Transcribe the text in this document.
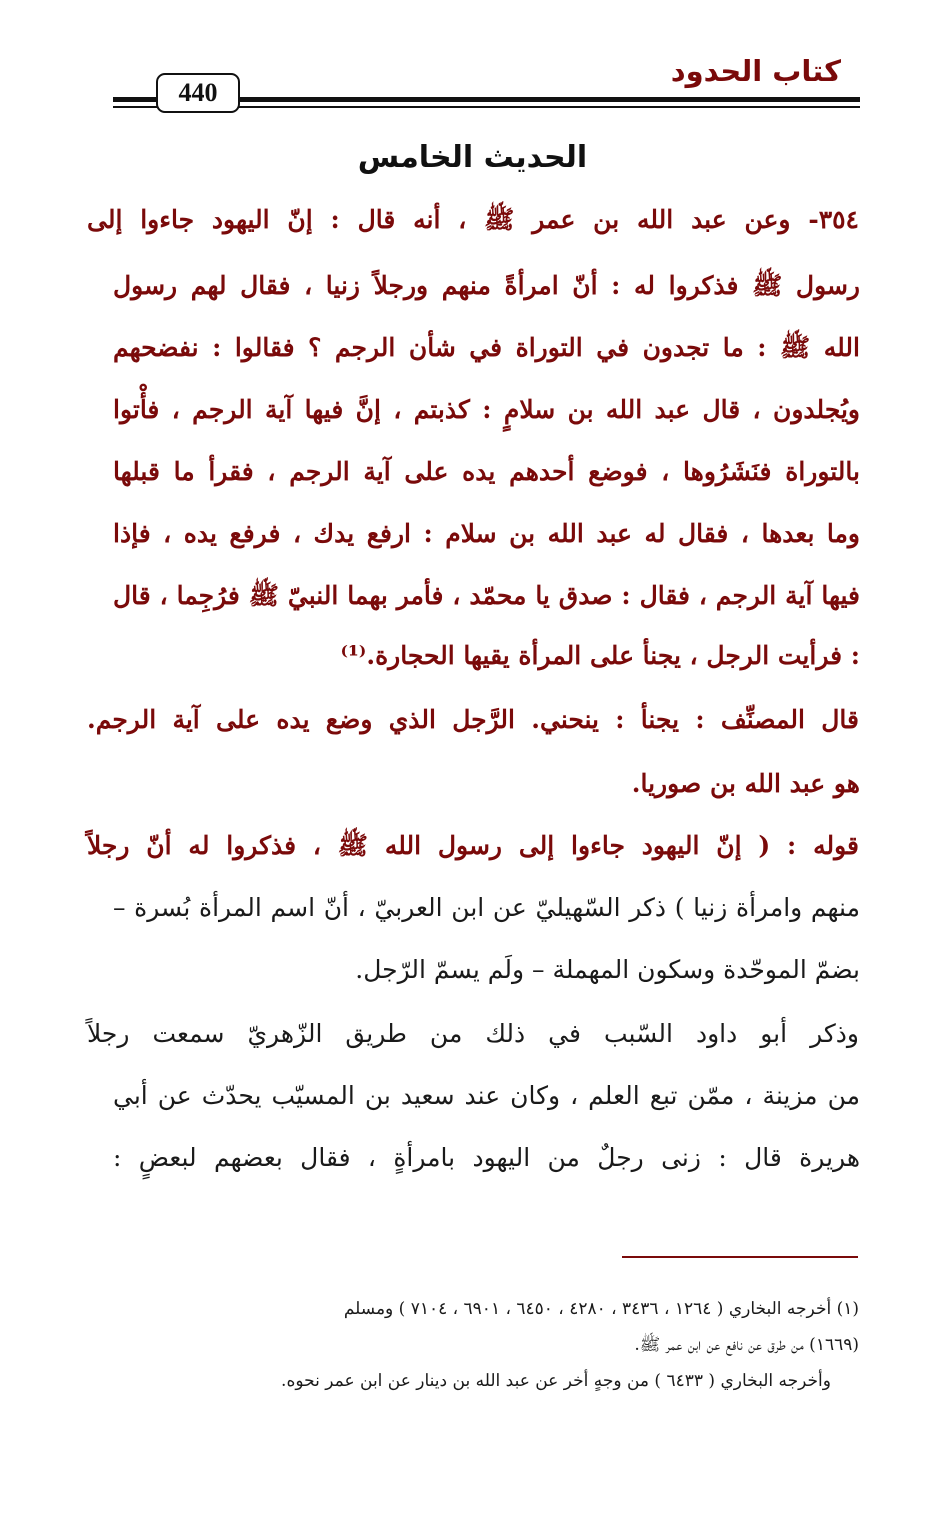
كتاب الحدود
440
الحديث الخامس
٣٥٤- وعن عبد الله بن عمر ﷺ ، أنه قال : إنّ اليهود جاءوا إلى
رسول ﷺ فذكروا له : أنّ امرأةً منهم ورجلاً زنيا ، فقال لهم رسول
الله ﷺ : ما تجدون في التوراة في شأن الرجم ؟ فقالوا : نفضحهم
ويُجلدون ، قال عبد الله بن سلامٍ : كذبتم ، إنَّ فيها آية الرجم ، فأْتوا
بالتوراة فنَشَرُوها ، فوضع أحدهم يده على آية الرجم ، فقرأ ما قبلها
وما بعدها ، فقال له عبد الله بن سلام : ارفع يدك ، فرفع يده ، فإذا
فيها آية الرجم ، فقال : صدق يا محمّد ، فأمر بهما النبيّ ﷺ فرُجِما ، قال
: فرأيت الرجل ، يجنأ على المرأة يقيها الحجارة.⁽¹⁾
قال المصنِّف : يجنأ : ينحني. الرَّجل الذي وضع يده على آية الرجم.
هو عبد الله بن صوريا.
قوله : ( إنّ اليهود جاءوا إلى رسول الله ﷺ ، فذكروا له أنّ رجلاً
منهم وامرأة زنيا ) ذكر السّهيليّ عن ابن العربيّ ، أنّ اسم المرأة بُسرة –
بضمّ الموحّدة وسكون المهملة – ولَم يسمّ الرّجل.
وذكر أبو داود السّبب في ذلك من طريق الزّهريّ سمعت رجلاً
من مزينة ، ممّن تبع العلم ، وكان عند سعيد بن المسيّب يحدّث عن أبي
هريرة قال : زنى رجلٌ من اليهود بامرأةٍ ، فقال بعضهم لبعضٍ :
(١) أخرجه البخاري ( ١٢٦٤ ، ٣٤٣٦ ، ٤٢٨٠ ، ٦٤٥٠ ، ٦٩٠١ ، ٧١٠٤ ) ومسلم
(١٦٦٩) من طرق عن نافع عن ابن عمر ﷺ.
وأخرجه البخاري ( ٦٤٣٣ ) من وجهٍ أخر عن عبد الله بن دينار عن ابن عمر نحوه.
